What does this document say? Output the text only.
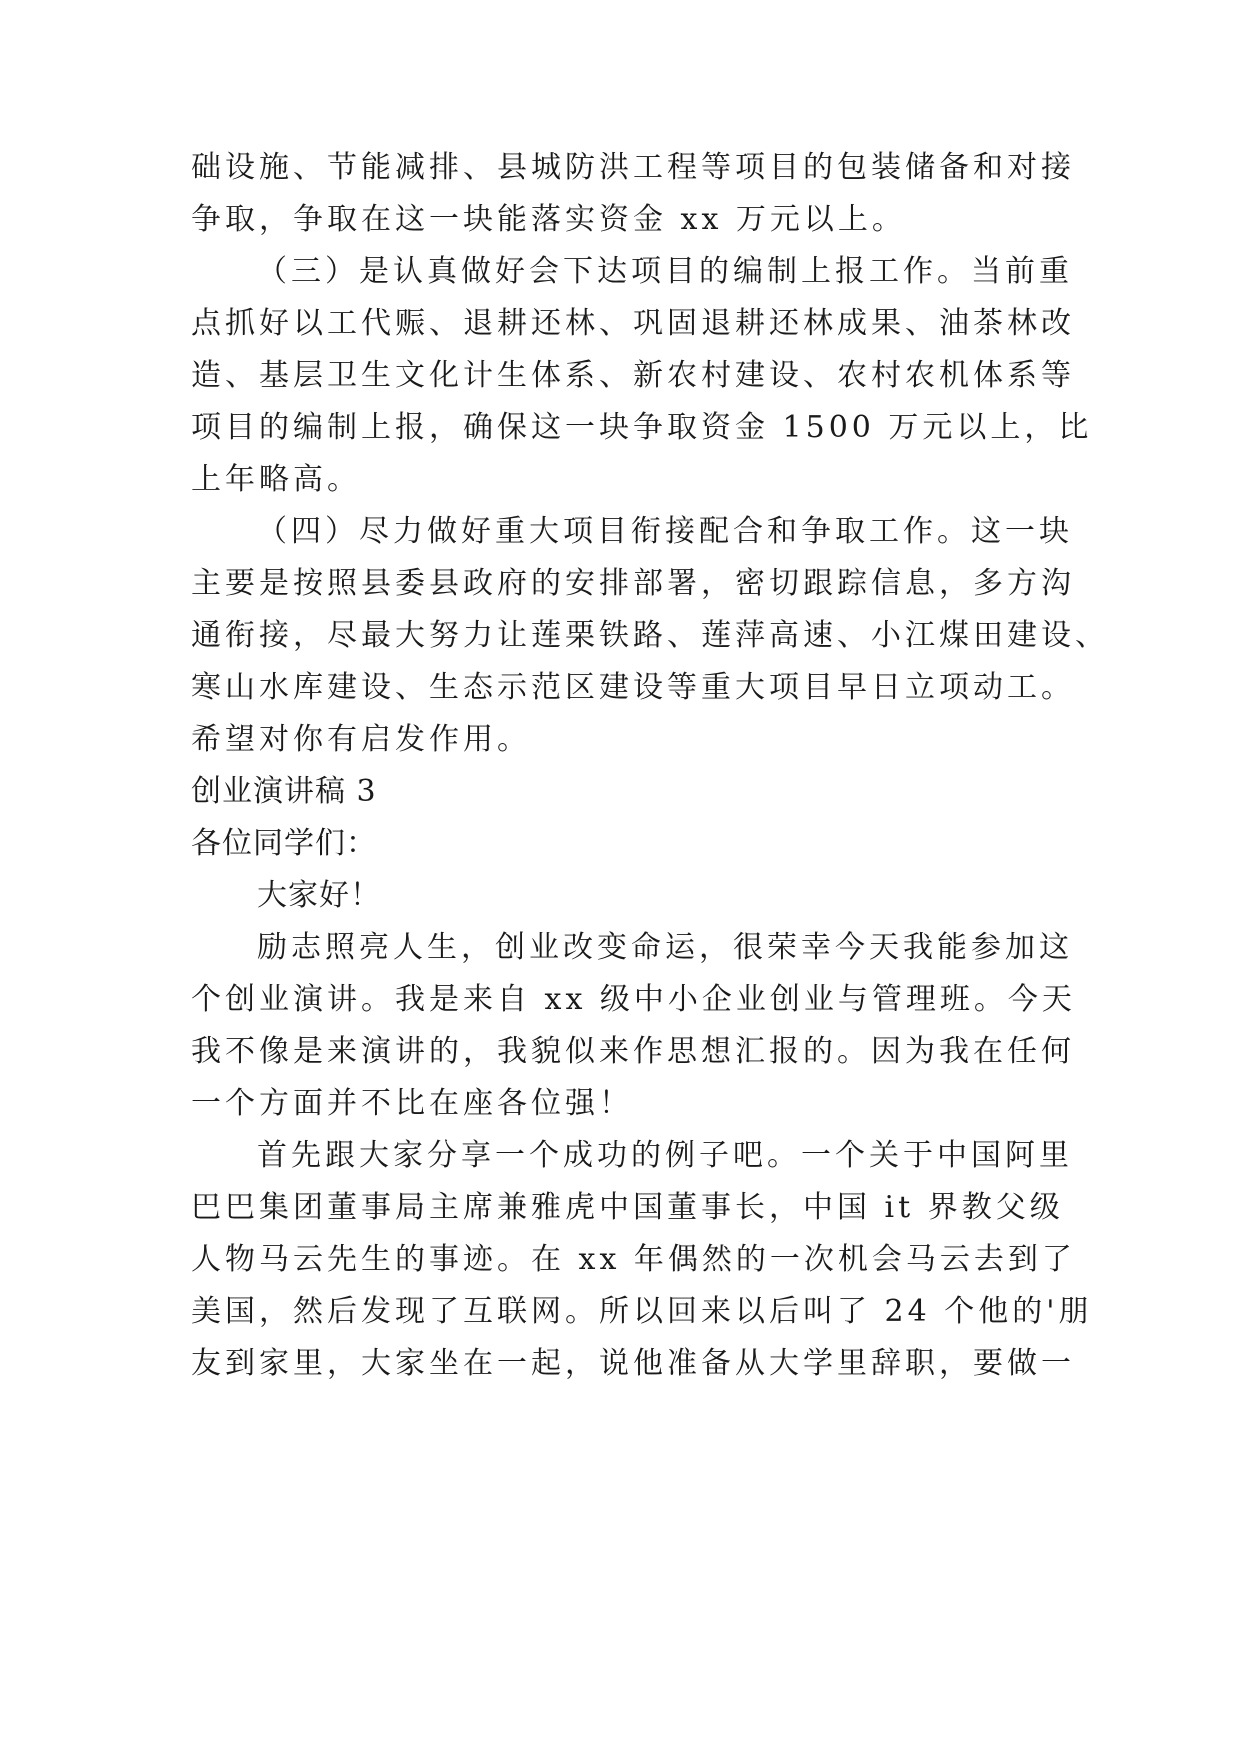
础设施、节能减排、县城防洪工程等项目的包装储备和对接
争取，争取在这一块能落实资金 xx 万元以上。
（三）是认真做好会下达项目的编制上报工作。当前重
点抓好以工代赈、退耕还林、巩固退耕还林成果、油茶林改
造、基层卫生文化计生体系、新农村建设、农村农机体系等
项目的编制上报，确保这一块争取资金 1500 万元以上，比
上年略高。
（四）尽力做好重大项目衔接配合和争取工作。这一块
主要是按照县委县政府的安排部署，密切跟踪信息，多方沟
通衔接，尽最大努力让莲栗铁路、莲萍高速、小江煤田建设、
寒山水库建设、生态示范区建设等重大项目早日立项动工。
希望对你有启发作用。
创业演讲稿 3
各位同学们：
大家好！
励志照亮人生，创业改变命运，很荣幸今天我能参加这
个创业演讲。我是来自 xx 级中小企业创业与管理班。今天
我不像是来演讲的，我貌似来作思想汇报的。因为我在任何
一个方面并不比在座各位强！
首先跟大家分享一个成功的例子吧。一个关于中国阿里
巴巴集团董事局主席兼雅虎中国董事长，中国 it 界教父级
人物马云先生的事迹。在 xx 年偶然的一次机会马云去到了
美国，然后发现了互联网。所以回来以后叫了 24 个他的'朋
友到家里，大家坐在一起，说他准备从大学里辞职，要做一
